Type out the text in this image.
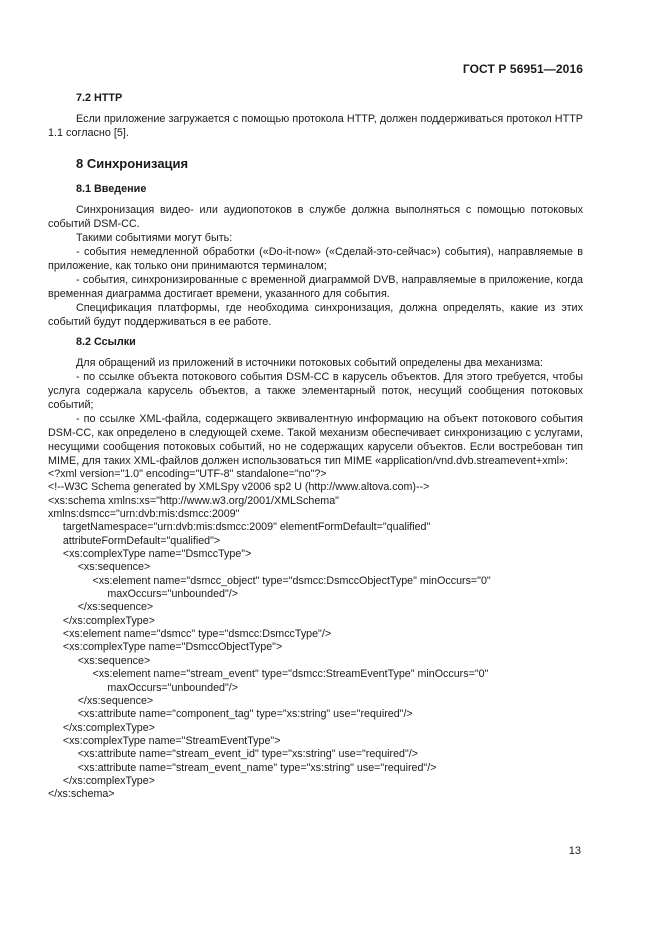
ГОСТ Р 56951—2016
7.2 HTTP

Если приложение загружается с помощью протокола HTTP, должен поддерживаться протокол HTTP 1.1 согласно [5].

8 Синхронизация
8.1 Введение

Синхронизация видео- или аудиопотоков в службе должна выполняться с помощью потоковых событий DSM-CC.

Такими событиями могут быть:

- события немедленной обработки («Do-it-now» («Сделай-это-сейчас») события), направляемые в приложение, как только они принимаются терминалом;

- события, синхронизированные с временной диаграммой DVB, направляемые в приложение, когда временная диаграмма достигает времени, указанного для события.

Спецификация платформы, где необходима синхронизация, должна определять, какие из этих событий будут поддерживаться в ее работе.

8.2 Ссылки

Для обращений из приложений в источники потоковых событий определены два механизма:

- по ссылке объекта потокового события DSM-CC в карусель объектов. Для этого требуется, чтобы услуга содержала карусель объектов, а также элементарный поток, несущий сообщения потоковых событий;

- по ссылке XML-файла, содержащего эквивалентную информацию на объект потокового события DSM-CC, как определено в следующей схеме. Такой механизм обеспечивает синхронизацию с услугами, несущими сообщения потоковых событий, но не содержащих карусели объектов. Если востребован тип MIME, для таких XML-файлов должен использоваться тип MIME «application/vnd.dvb.streamevent+xml»:

<?xml version="1.0" encoding="UTF-8" standalone="no"?>
<!--W3C Schema generated by XMLSpy v2006 sp2 U (http://www.altova.com)-->
<xs:schema xmlns:xs="http://www.w3.org/2001/XMLSchema"
xmlns:dsmcc="urn:dvb:mis:dsmcc:2009"
targetNamespace="urn:dvb:mis:dsmcc:2009" elementFormDefault="qualified"
attributeFormDefault="qualified">
<xs:complexType name="DsmccType">
<xs:sequence>
<xs:element name="dsmcc_object" type="dsmcc:DsmccObjectType" minOccurs="0"
maxOccurs="unbounded"/>
</xs:sequence>
</xs:complexType>
<xs:element name="dsmcc" type="dsmcc:DsmccType"/>
<xs:complexType name="DsmccObjectType">
<xs:sequence>
<xs:element name="stream_event" type="dsmcc:StreamEventType" minOccurs="0"
maxOccurs="unbounded"/>
</xs:sequence>
<xs:attribute name="component_tag" type="xs:string" use="required"/>
</xs:complexType>
<xs:complexType name="StreamEventType">
<xs:attribute name="stream_event_id" type="xs:string" use="required"/>
<xs:attribute name="stream_event_name" type="xs:string" use="required"/>
</xs:complexType>
</xs:schema>
13
